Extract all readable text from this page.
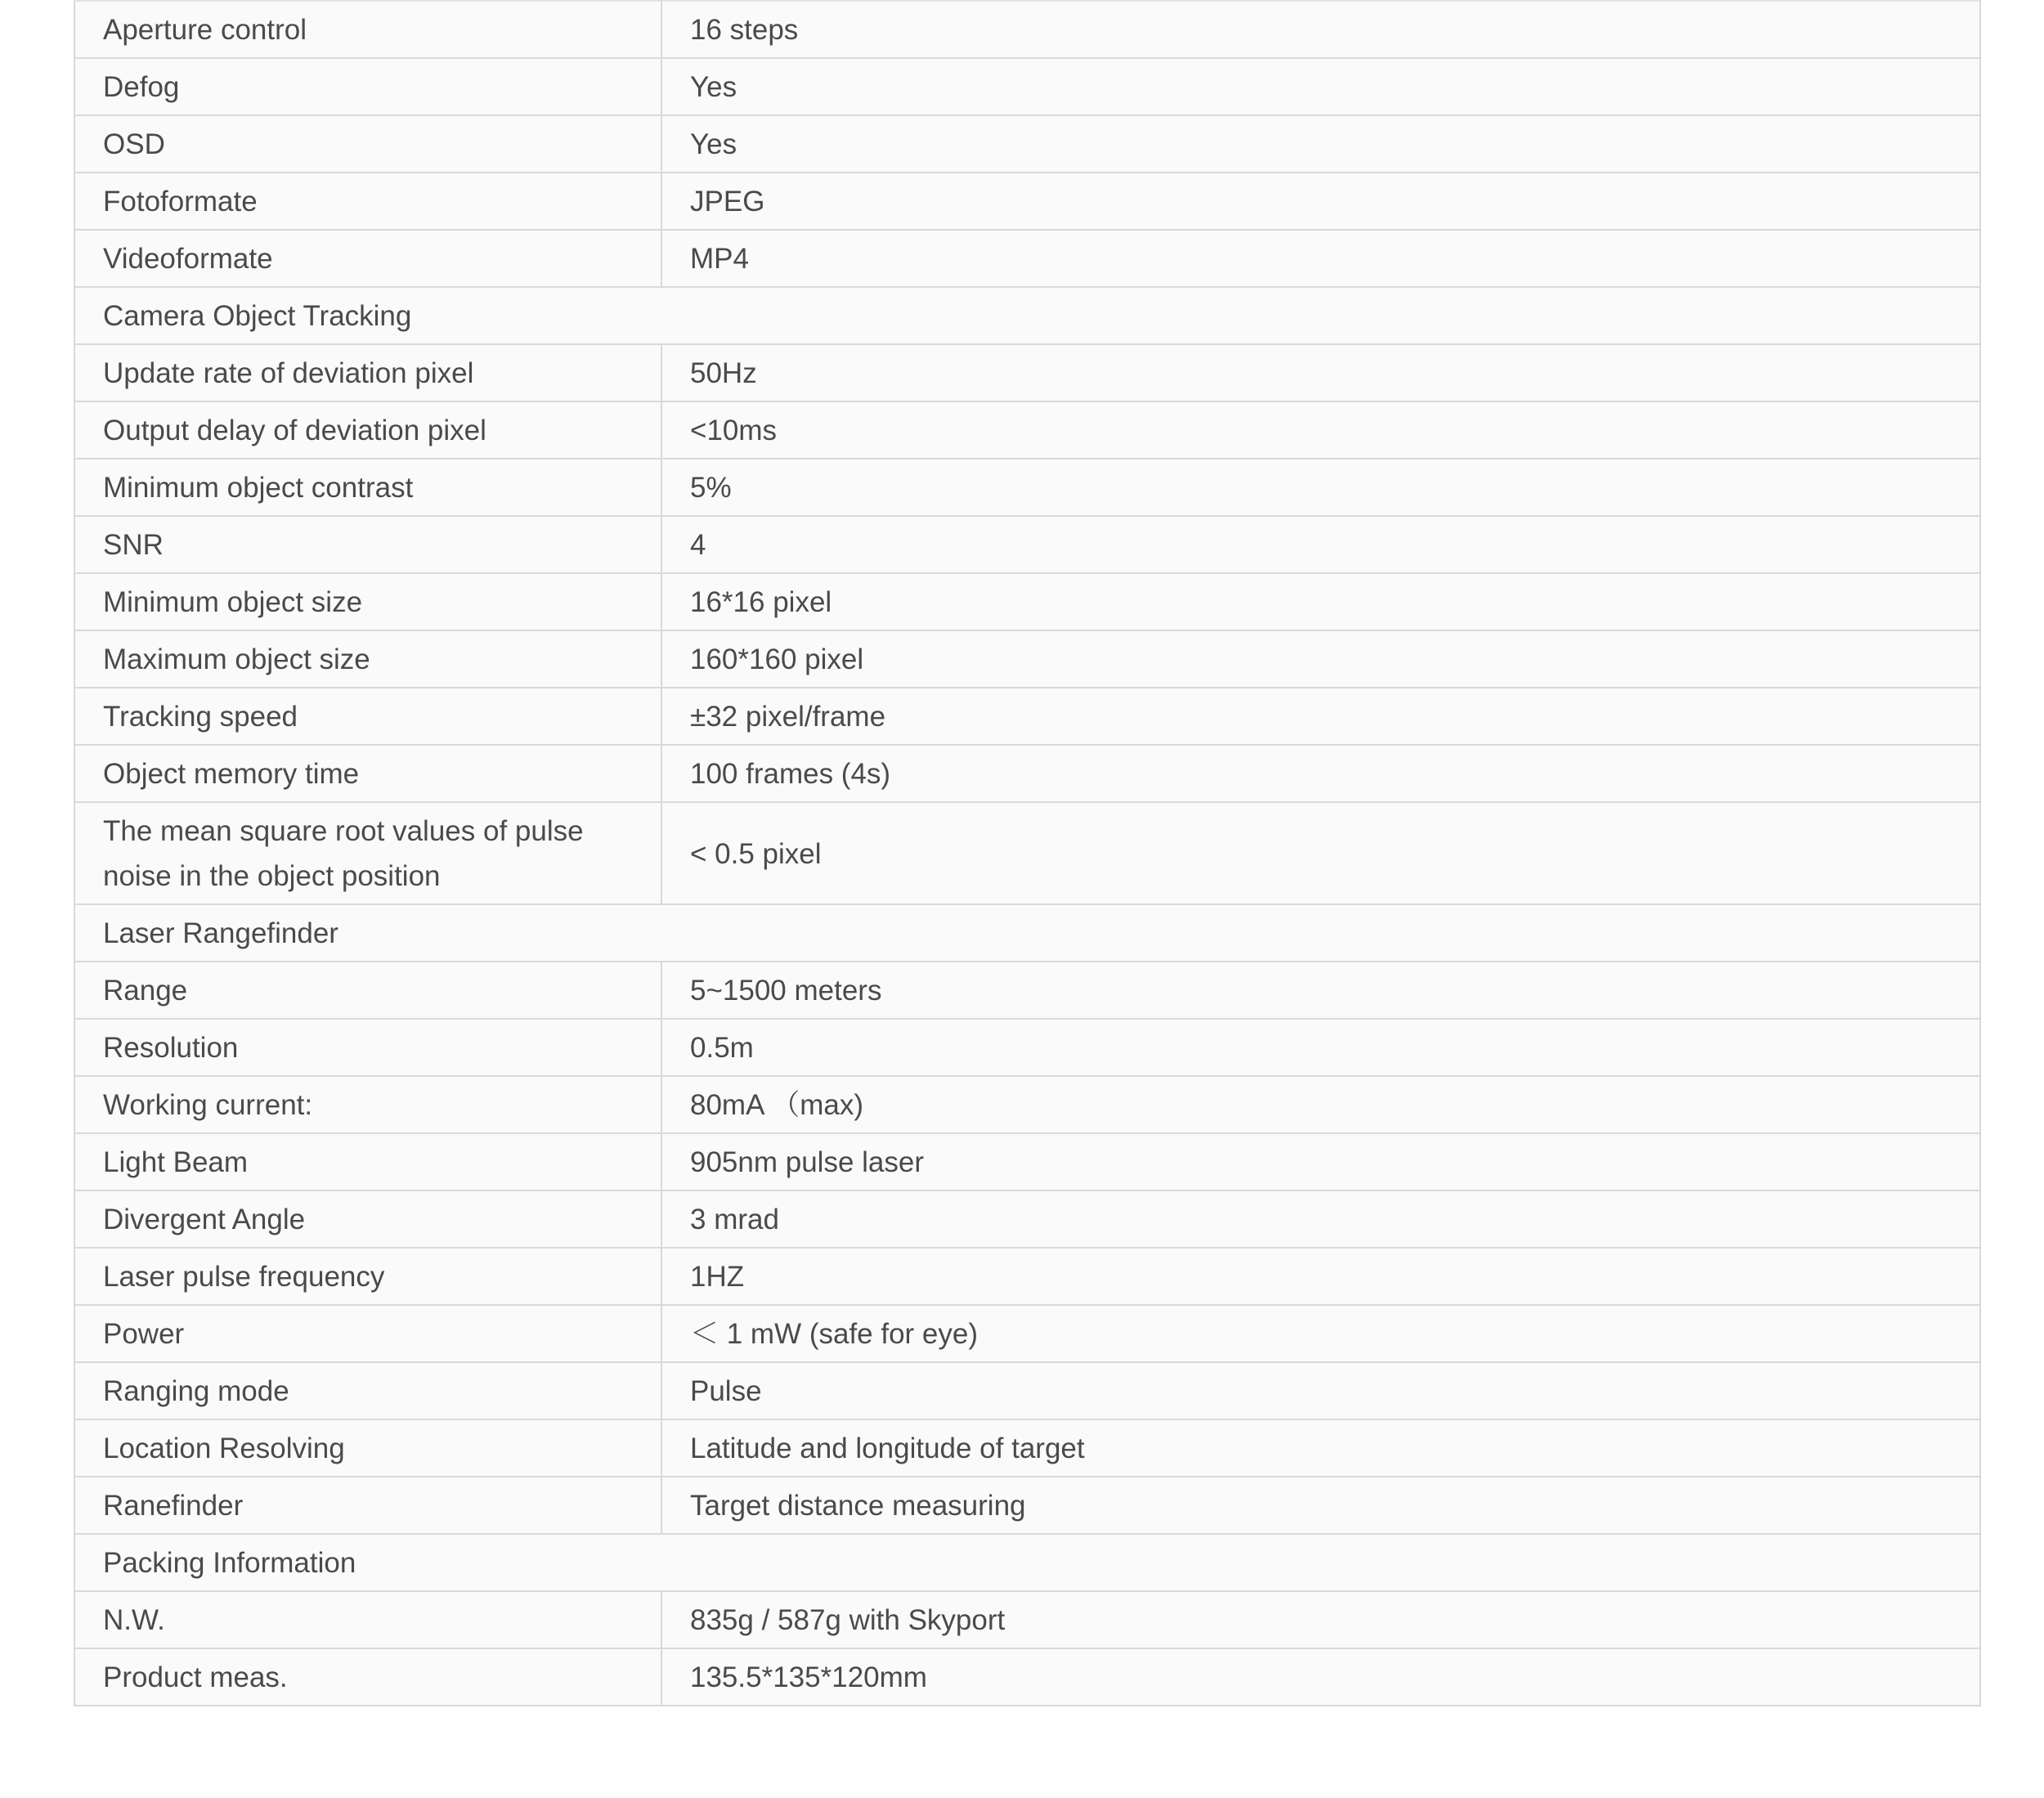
Aperture control	16 steps
Defog	Yes
OSD	Yes
Fotoformate	JPEG
Videoformate	MP4
Camera Object Tracking	
Update rate of deviation pixel	50Hz
Output delay of deviation pixel	<10ms
Minimum object contrast	5%
SNR	4
Minimum object size	16*16 pixel
Maximum object size	160*160 pixel
Tracking speed	±32 pixel/frame
Object memory time	100 frames (4s)
The mean square root values of pulse noise in the object position	< 0.5 pixel
Laser Rangefinder	
Range	5~1500 meters
Resolution	0.5m
Working current:	80mA （max)
Light Beam	905nm pulse laser
Divergent Angle	3 mrad
Laser pulse frequency	1HZ
Power	＜ 1 mW (safe for eye)
Ranging mode	Pulse
Location Resolving	Latitude and longitude of target
Ranefinder	Target distance measuring
Packing Information	
N.W.	835g / 587g with Skyport
Product meas.	135.5*135*120mm
